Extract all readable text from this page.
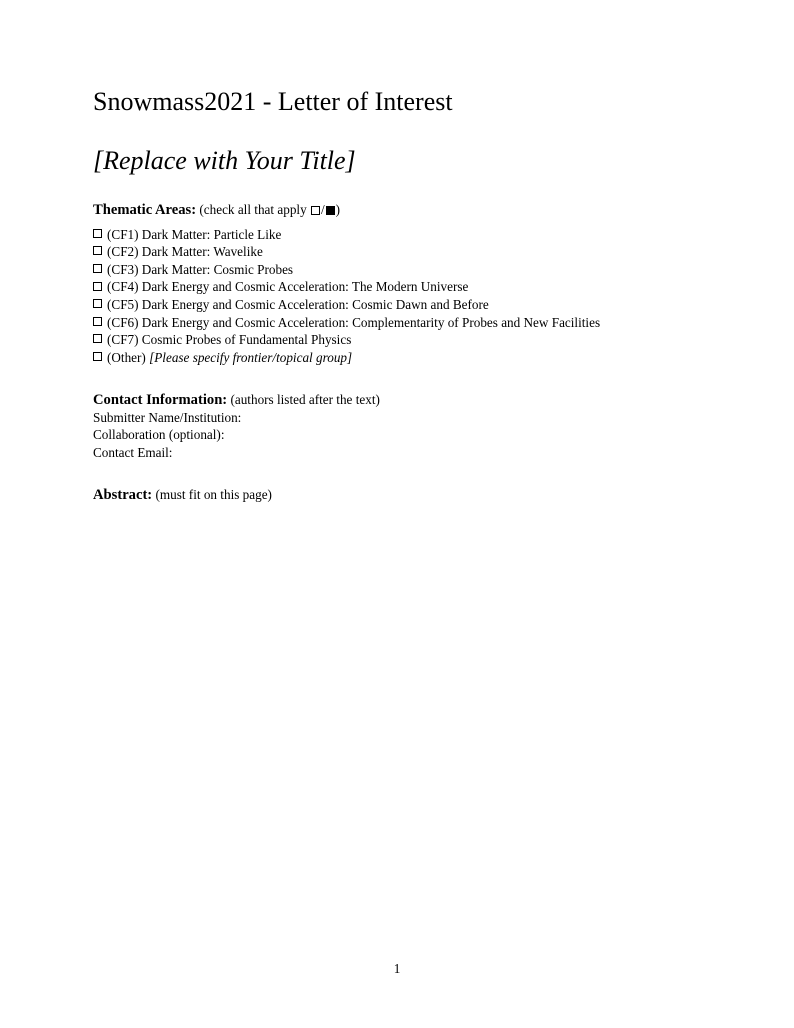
Snowmass2021 - Letter of Interest
[Replace with Your Title]
Thematic Areas: (check all that apply / )
(CF1) Dark Matter: Particle Like
(CF2) Dark Matter: Wavelike
(CF3) Dark Matter: Cosmic Probes
(CF4) Dark Energy and Cosmic Acceleration: The Modern Universe
(CF5) Dark Energy and Cosmic Acceleration: Cosmic Dawn and Before
(CF6) Dark Energy and Cosmic Acceleration: Complementarity of Probes and New Facilities
(CF7) Cosmic Probes of Fundamental Physics
(Other)
[Please specify frontier/topical group]
Contact Information: (authors listed after the text)
Submitter Name/Institution:
Collaboration (optional):
Contact Email:
Abstract: (must fit on this page)
1
